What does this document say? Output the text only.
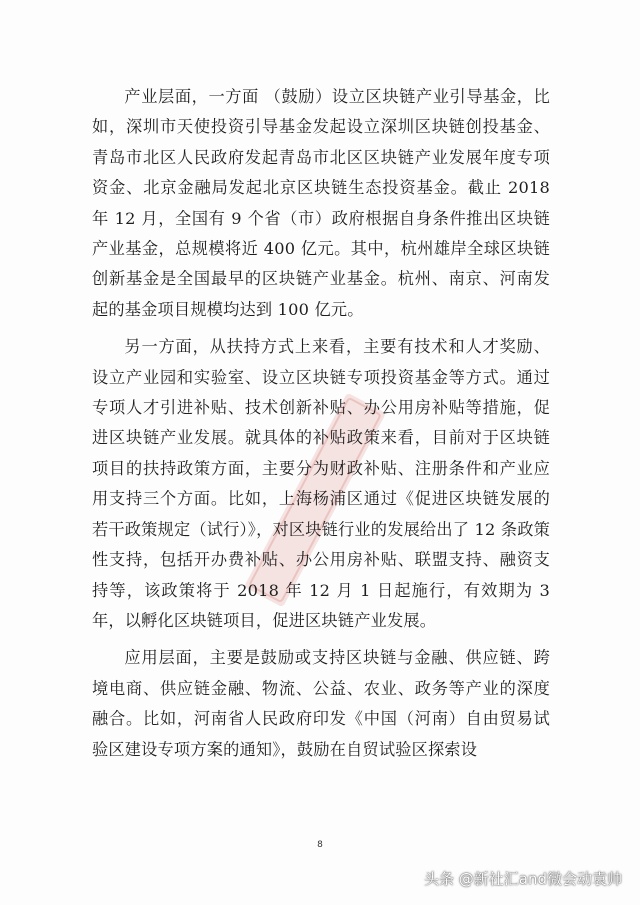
产业层面，一方面 （鼓励）设立区块链产业引导基金，比如，深圳市天使投资引导基金发起设立深圳区块链创投基金、青岛市北区人民政府发起青岛市北区区块链产业发展年度专项资金、北京金融局发起北京区块链生态投资基金。截止 2018 年 12 月，全国有 9 个省（市）政府根据自身条件推出区块链产业基金，总规模将近 400 亿元。其中，杭州雄岸全球区块链创新基金是全国最早的区块链产业基金。杭州、南京、河南发起的基金项目规模均达到 100 亿元。

另一方面，从扶持方式上来看，主要有技术和人才奖励、设立产业园和实验室、设立区块链专项投资基金等方式。通过专项人才引进补贴、技术创新补贴、办公用房补贴等措施，促进区块链产业发展。就具体的补贴政策来看，目前对于区块链项目的扶持政策方面，主要分为财政补贴、注册条件和产业应用支持三个方面。比如，上海杨浦区通过《促进区块链发展的若干政策规定（试行）》，对区块链行业的发展给出了 12 条政策性支持，包括开办费补贴、办公用房补贴、联盟支持、融资支持等，该政策将于 2018 年 12 月 1 日起施行，有效期为 3 年，以孵化区块链项目，促进区块链产业发展。

应用层面，主要是鼓励或支持区块链与金融、供应链、跨境电商、供应链金融、物流、公益、农业、政务等产业的深度融合。比如，河南省人民政府印发《中国（河南）自由贸易试验区建设专项方案的通知》，鼓励在自贸试验区探索设

8
头条 @新社汇and微会动袁帅
